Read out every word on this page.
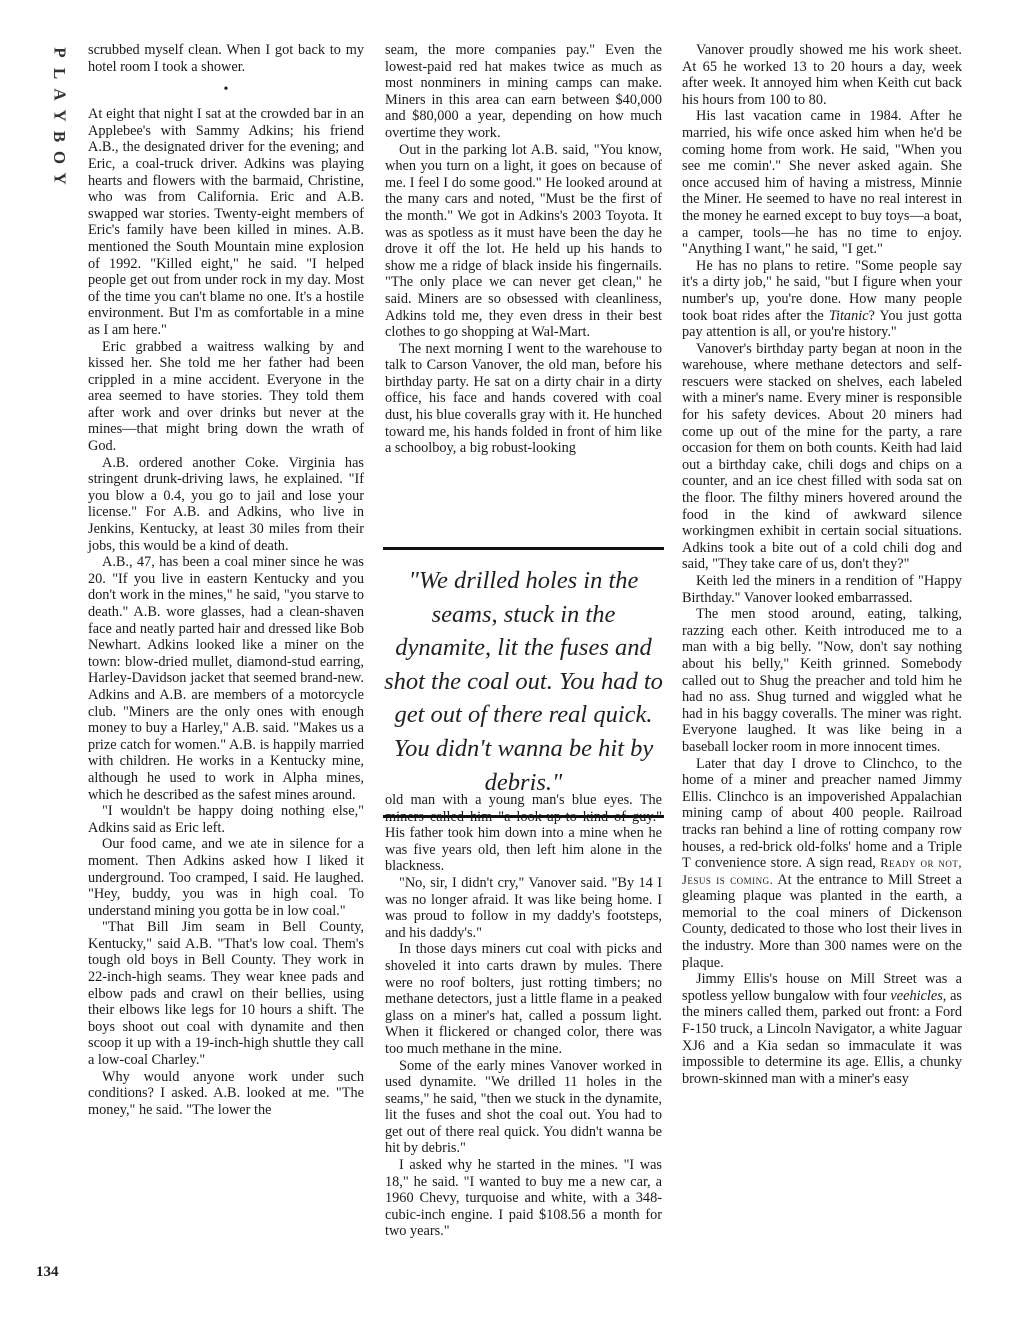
P
L
A
Y
B
O
Y
134

scrubbed myself clean. When I got back to my hotel room I took a shower.

•

At eight that night I sat at the crowded bar in an Applebee's with Sammy Adkins; his friend A.B., the designated driver for the evening; and Eric, a coal-truck driver. Adkins was playing hearts and flowers with the barmaid, Christine, who was from California. Eric and A.B. swapped war stories. Twenty-eight members of Eric's family have been killed in mines. A.B. mentioned the South Mountain mine explosion of 1992. "Killed eight," he said. "I helped people get out from under rock in my day. Most of the time you can't blame no one. It's a hostile environment. But I'm as comfortable in a mine as I am here."

Eric grabbed a waitress walking by and kissed her. She told me her father had been crippled in a mine accident. Everyone in the area seemed to have stories. They told them after work and over drinks but never at the mines—that might bring down the wrath of God.

A.B. ordered another Coke. Virginia has stringent drunk-driving laws, he explained. "If you blow a 0.4, you go to jail and lose your license." For A.B. and Adkins, who live in Jenkins, Kentucky, at least 30 miles from their jobs, this would be a kind of death.

A.B., 47, has been a coal miner since he was 20. "If you live in eastern Kentucky and you don't work in the mines," he said, "you starve to death." A.B. wore glasses, had a clean-shaven face and neatly parted hair and dressed like Bob Newhart. Adkins looked like a miner on the town: blow-dried mullet, diamond-stud earring, Harley-Davidson jacket that seemed brand-new. Adkins and A.B. are members of a motorcycle club. "Miners are the only ones with enough money to buy a Harley," A.B. said. "Makes us a prize catch for women." A.B. is happily married with children. He works in a Kentucky mine, although he used to work in Alpha mines, which he described as the safest mines around.

"I wouldn't be happy doing nothing else," Adkins said as Eric left.

Our food came, and we ate in silence for a moment. Then Adkins asked how I liked it underground. Too cramped, I said. He laughed. "Hey, buddy, you was in high coal. To understand mining you gotta be in low coal."

"That Bill Jim seam in Bell County, Kentucky," said A.B. "That's low coal. Them's tough old boys in Bell County. They work in 22-inch-high seams. They wear knee pads and elbow pads and crawl on their bellies, using their elbows like legs for 10 hours a shift. The boys shoot out coal with dynamite and then scoop it up with a 19-inch-high shuttle they call a low-coal Charley."

Why would anyone work under such conditions? I asked. A.B. looked at me. "The money," he said. "The lower the

seam, the more companies pay." Even the lowest-paid red hat makes twice as much as most nonminers in mining camps can make. Miners in this area can earn between $40,000 and $80,000 a year, depending on how much overtime they work.

Out in the parking lot A.B. said, "You know, when you turn on a light, it goes on because of me. I feel I do some good." He looked around at the many cars and noted, "Must be the first of the month." We got in Adkins's 2003 Toyota. It was as spotless as it must have been the day he drove it off the lot. He held up his hands to show me a ridge of black inside his fingernails. "The only place we can never get clean," he said. Miners are so obsessed with cleanliness, Adkins told me, they even dress in their best clothes to go shopping at Wal-Mart.

The next morning I went to the warehouse to talk to Carson Vanover, the old man, before his birthday party. He sat on a dirty chair in a dirty office, his face and hands covered with coal dust, his blue coveralls gray with it. He hunched toward me, his hands folded in front of him like a schoolboy, a big robust-looking

"We drilled holes in the seams, stuck in the dynamite, lit the fuses and shot the coal out. You had to get out of there real quick. You didn't wanna be hit by debris."

old man with a young man's blue eyes. The miners called him "a look-up-to kind of guy." His father took him down into a mine when he was five years old, then left him alone in the blackness.

"No, sir, I didn't cry," Vanover said. "By 14 I was no longer afraid. It was like being home. I was proud to follow in my daddy's footsteps, and his daddy's."

In those days miners cut coal with picks and shoveled it into carts drawn by mules. There were no roof bolters, just rotting timbers; no methane detectors, just a little flame in a peaked glass on a miner's hat, called a possum light. When it flickered or changed color, there was too much methane in the mine.

Some of the early mines Vanover worked in used dynamite. "We drilled 11 holes in the seams," he said, "then we stuck in the dynamite, lit the fuses and shot the coal out. You had to get out of there real quick. You didn't wanna be hit by debris."

I asked why he started in the mines. "I was 18," he said. "I wanted to buy me a new car, a 1960 Chevy, turquoise and white, with a 348-cubic-inch engine. I paid $108.56 a month for two years."

Vanover proudly showed me his work sheet. At 65 he worked 13 to 20 hours a day, week after week. It annoyed him when Keith cut back his hours from 100 to 80.

His last vacation came in 1984. After he married, his wife once asked him when he'd be coming home from work. He said, "When you see me comin'." She never asked again. She once accused him of having a mistress, Minnie the Miner. He seemed to have no real interest in the money he earned except to buy toys—a boat, a camper, tools—he has no time to enjoy. "Anything I want," he said, "I get."

He has no plans to retire. "Some people say it's a dirty job," he said, "but I figure when your number's up, you're done. How many people took boat rides after the Titanic? You just gotta pay attention is all, or you're history."

Vanover's birthday party began at noon in the warehouse, where methane detectors and self-rescuers were stacked on shelves, each labeled with a miner's name. Every miner is responsible for his safety devices. About 20 miners had come up out of the mine for the party, a rare occasion for them on both counts. Keith had laid out a birthday cake, chili dogs and chips on a counter, and an ice chest filled with soda sat on the floor. The filthy miners hovered around the food in the kind of awkward silence workingmen exhibit in certain social situations. Adkins took a bite out of a cold chili dog and said, "They take care of us, don't they?"

Keith led the miners in a rendition of "Happy Birthday." Vanover looked embarrassed.

The men stood around, eating, talking, razzing each other. Keith introduced me to a man with a big belly. "Now, don't say nothing about his belly," Keith grinned. Somebody called out to Shug the preacher and told him he had no ass. Shug turned and wiggled what he had in his baggy coveralls. The miner was right. Everyone laughed. It was like being in a baseball locker room in more innocent times.

Later that day I drove to Clinchco, to the home of a miner and preacher named Jimmy Ellis. Clinchco is an impoverished Appalachian mining camp of about 400 people. Railroad tracks ran behind a line of rotting company row houses, a red-brick old-folks' home and a Triple T convenience store. A sign read, Ready or not, Jesus is coming. At the entrance to Mill Street a gleaming plaque was planted in the earth, a memorial to the coal miners of Dickenson County, dedicated to those who lost their lives in the industry. More than 300 names were on the plaque.

Jimmy Ellis's house on Mill Street was a spotless yellow bungalow with four veehicles, as the miners called them, parked out front: a Ford F-150 truck, a Lincoln Navigator, a white Jaguar XJ6 and a Kia sedan so immaculate it was impossible to determine its age. Ellis, a chunky brown-skinned man with a miner's easy
